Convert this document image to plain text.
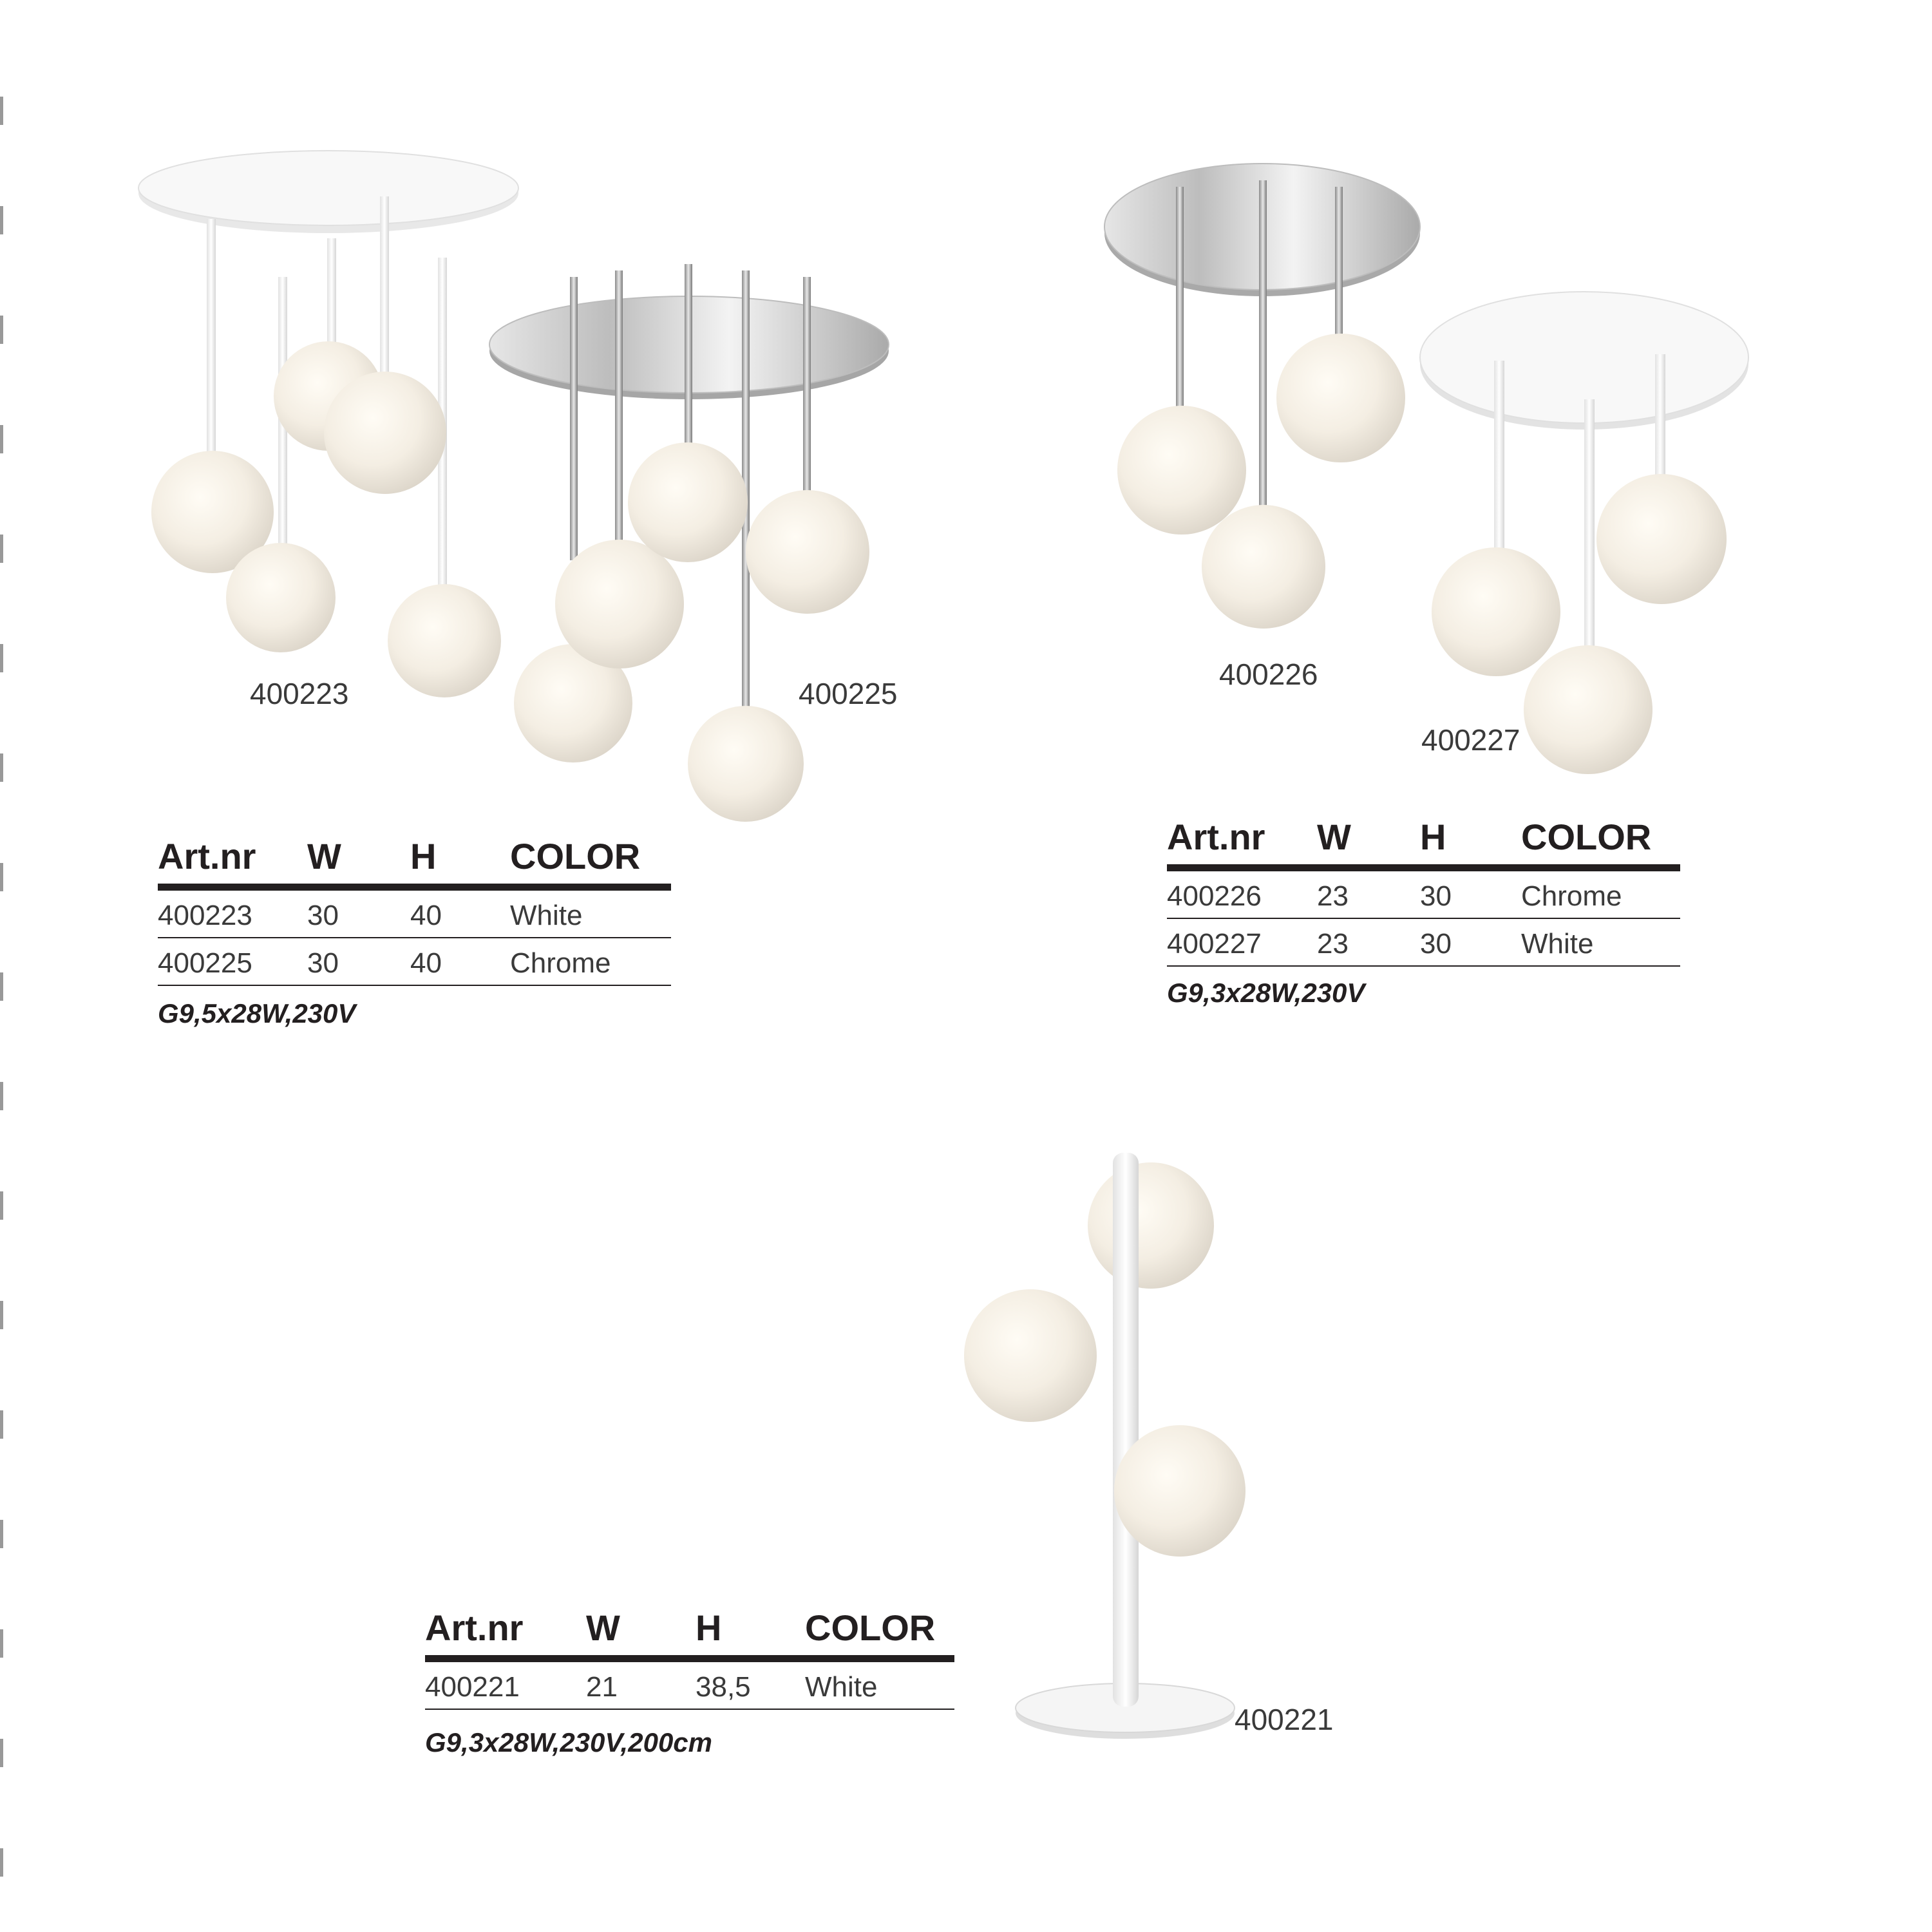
400223	400225
400226
400227
400221
Art.nr	W	H	COLOR
400223	30	40	White
400225	30	40	Chrome
G9,5x28W,230V
Art.nr	W	H	COLOR
400226	23	30	Chrome
400227	23	30	White
G9,3x28W,230V
Art.nr	W	H	COLOR
400221	21	38,5	White
G9,3x28W,230V,200cm
